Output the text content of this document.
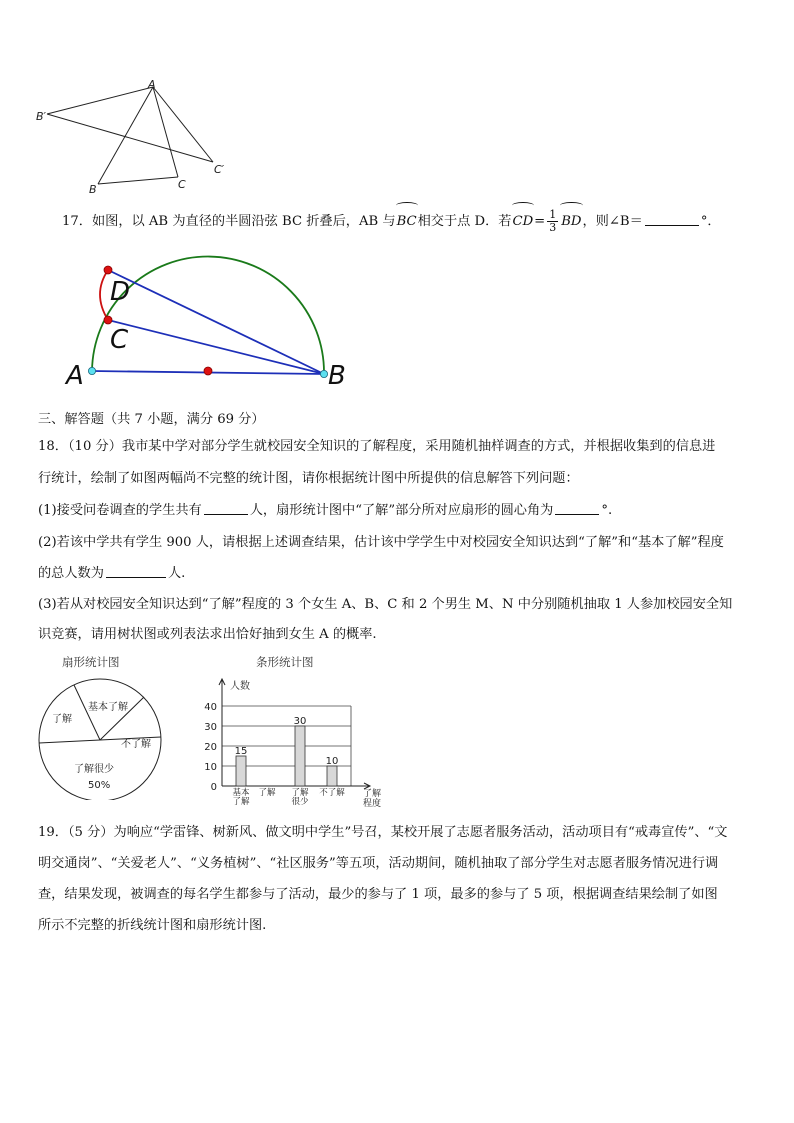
A
B′
C′
B	C
17．如图，以 AB 为直径的半圆沿弦 BC 折叠后，AB 与BC相交于点 D．若$CD= \frac{1}{3}$ BD，则∠B＝	°．
D
C
A	B
三、解答题（共 7 小题，满分 69 分）
18．（10 分）我市某中学对部分学生就校园安全知识的了解程度，采用随机抽样调查的方式，并根据收集到的信息进
行统计，绘制了如图两幅尚不完整的统计图，请你根据统计图中所提供的信息解答下列问题：
(1)接受问卷调查的学生共有	人，扇形统计图中“了解”部分所对应扇形的圆心角为	°.
(2)若该中学共有学生 900 人，请根据上述调查结果，估计该中学学生中对校园安全知识达到“了解”和“基本了解”程度
的总人数为	人.
(3)若从对校园安全知识达到“了解”程度的 3 个女生 A、B、C 和 2 个男生 M、N 中分别随机抽取 1 人参加校园安全知
识竞赛，请用树状图或列表法求出恰好抽到女生 A 的概率.
扇形统计图
基本了解
了解
不了解
了解很少
50%
条形统计图
0
10
20
30
40
人数
了解
程度
15
基本
了解
了解
30
了解
很少
10
不了解
19．（5 分）为响应“学雷锋、树新风、做文明中学生”号召，某校开展了志愿者服务活动，活动项目有“戒毒宣传”、“文
明交通岗”、“关爱老人”、“义务植树”、“社区服务”等五项，活动期间，随机抽取了部分学生对志愿者服务情况进行调
查，结果发现，被调查的每名学生都参与了活动，最少的参与了 1 项，最多的参与了 5 项，根据调查结果绘制了如图
所示不完整的折线统计图和扇形统计图.
